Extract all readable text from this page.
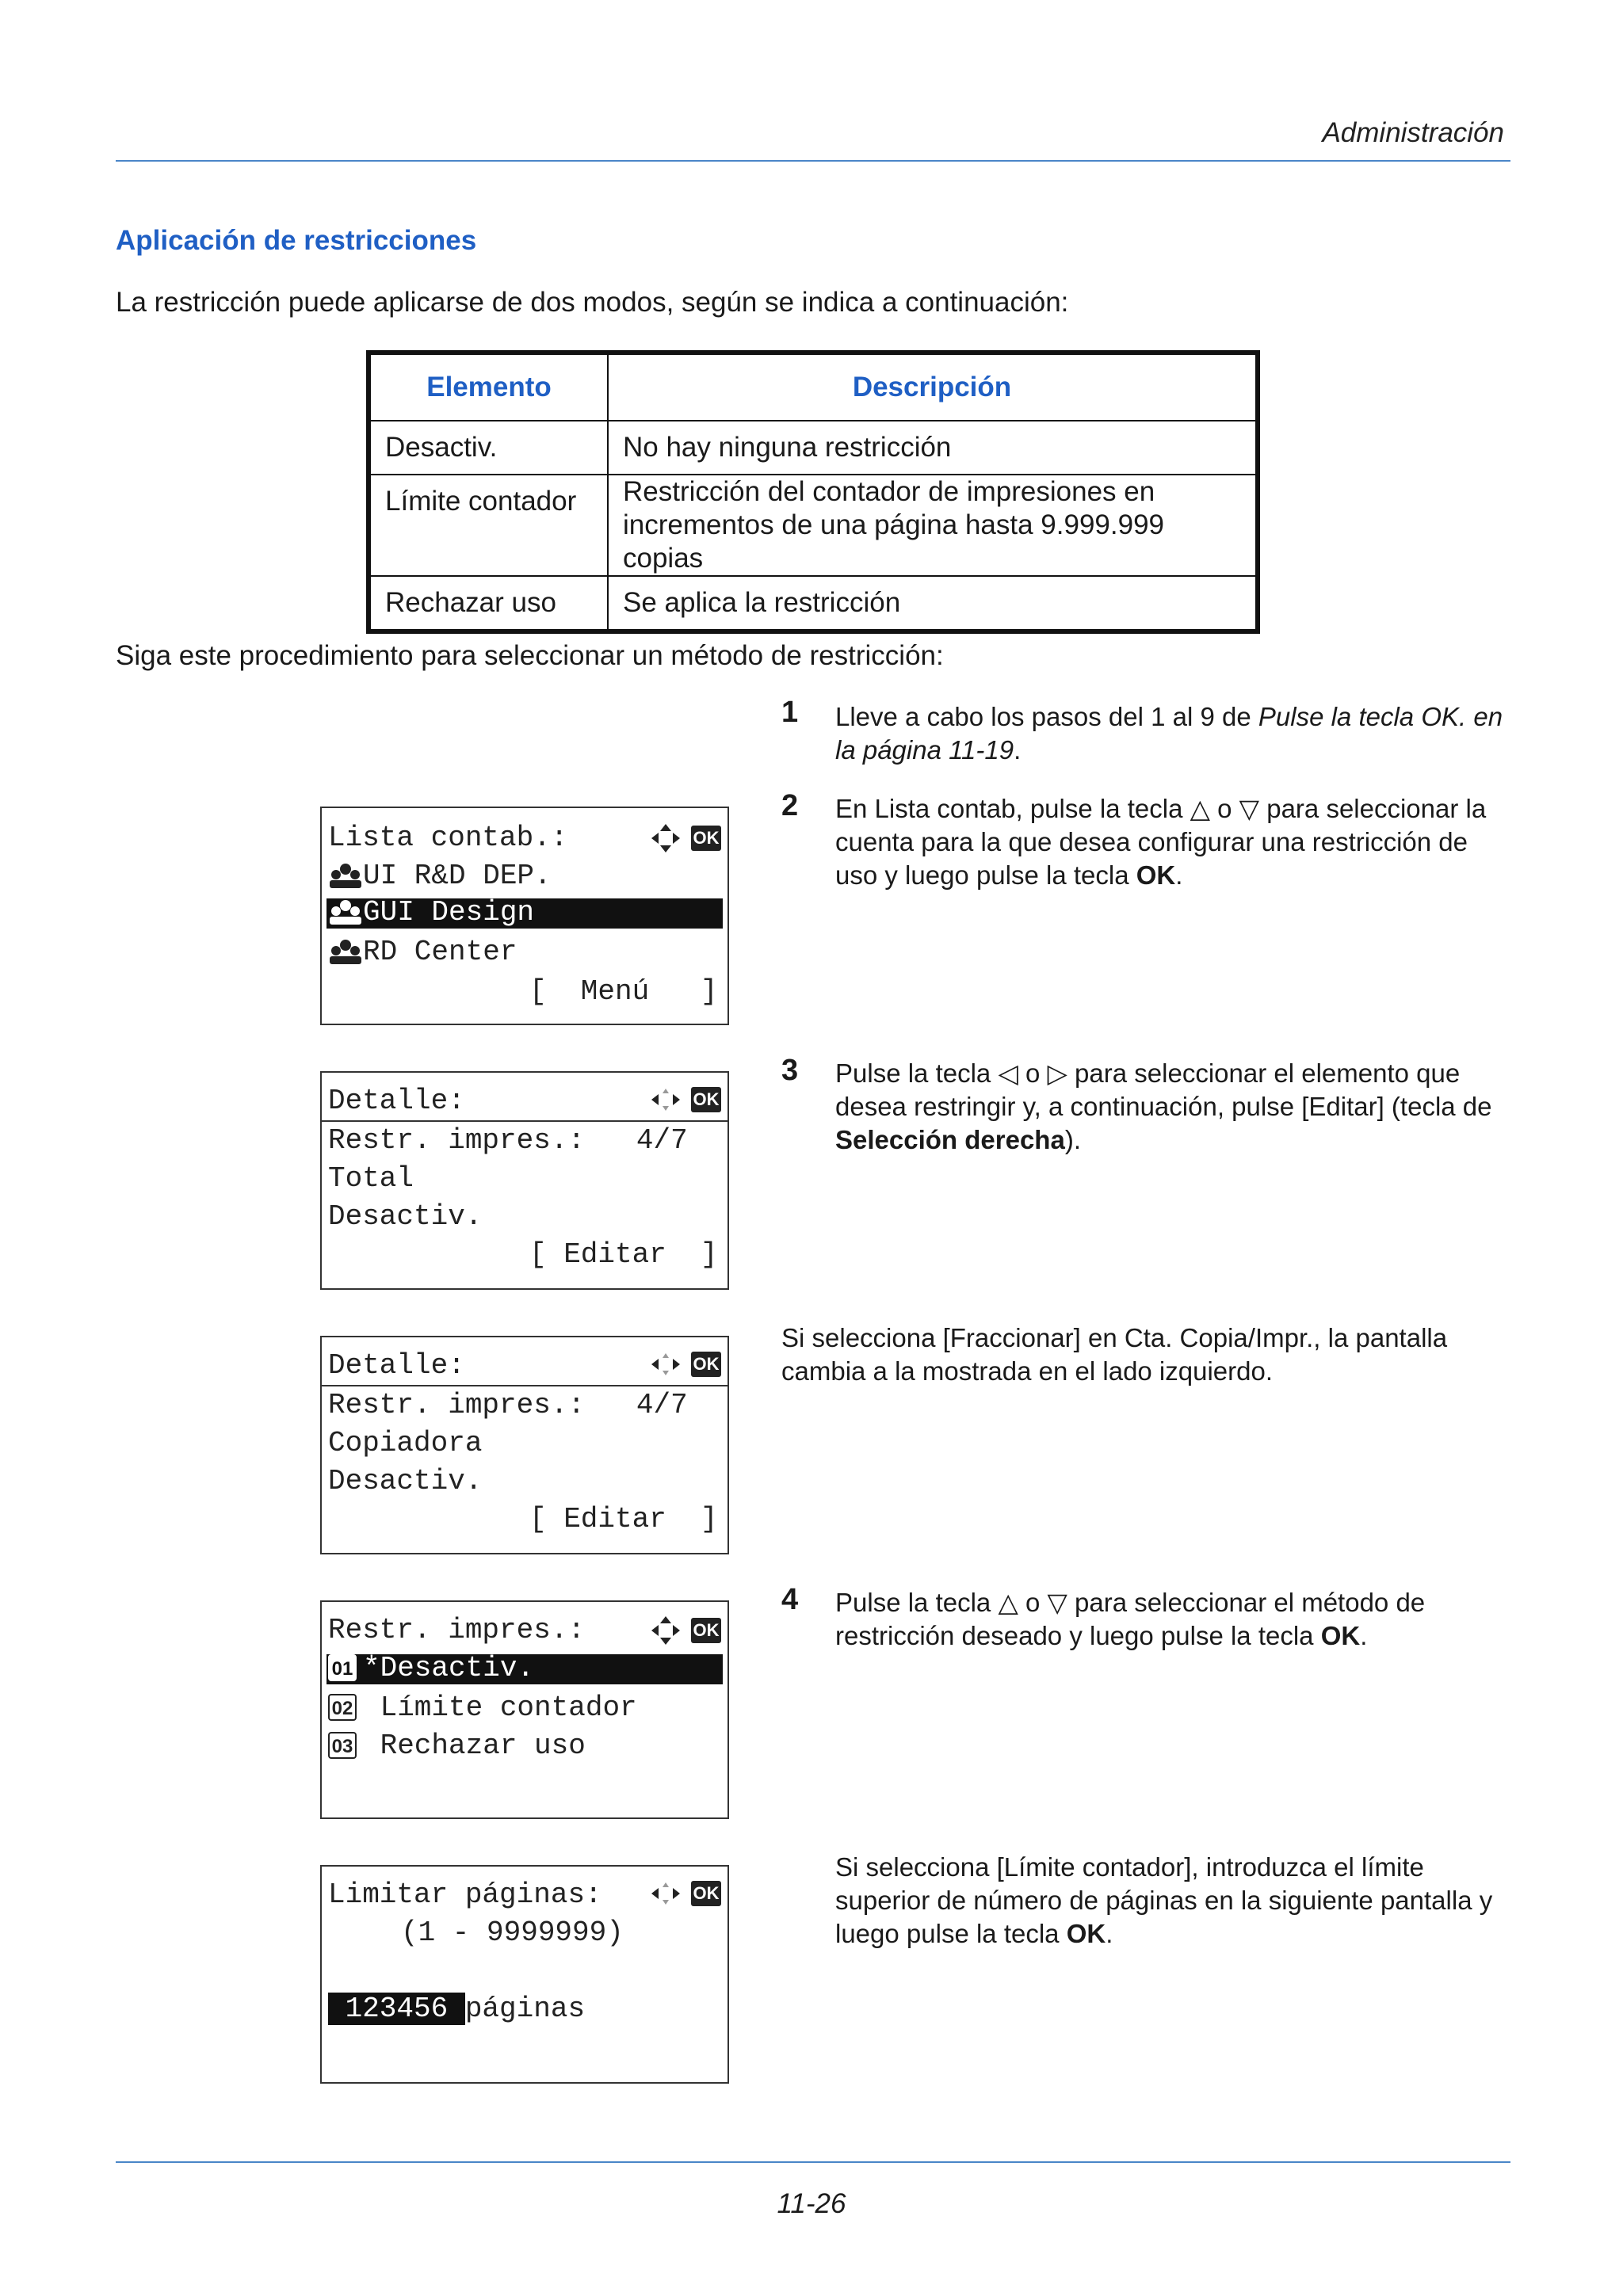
Administración
Aplicación de restricciones
La restricción puede aplicarse de dos modos, según se indica a continuación:
Elemento	Descripción
Desactiv.	No hay ninguna restricción
Límite contador	Restricción del contador de impresiones en
incrementos de una página hasta 9.999.999 copias

Rechazar uso	Se aplica la restricción
Siga este procedimiento para seleccionar un método de restricción:
1 Lleve a cabo los pasos del 1 al 9 de Pulse la tecla OK. en la página 11-19.
2 En Lista contab, pulse la tecla △ o ▽ para seleccionar la cuenta para la que desea configurar una restricción de uso y luego pulse la tecla OK.
3 Pulse la tecla ◁ o ▷ para seleccionar el elemento que desea restringir y, a continuación, pulse [Editar] (tecla de Selección derecha).
Si selecciona [Fraccionar] en Cta. Copia/Impr., la pantalla cambia a la mostrada en el lado izquierdo.
4 Pulse la tecla △ o ▽ para seleccionar el método de restricción deseado y luego pulse la tecla OK.
Si selecciona [Límite contador], introduzca el límite superior de número de páginas en la siguiente pantalla y luego pulse la tecla OK.
Lista contab.:	OK
UI R&D DEP.
GUI Design
RD Center
[  Menú   ]
Detalle:	OK
Restr. impres.:   4/7
Total
Desactiv.
[ Editar  ]
Detalle:	OK
Restr. impres.:   4/7
Copiadora
Desactiv.
[ Editar  ]
Restr. impres.:	OK
01 *Desactiv.
02 Límite contador
03 Rechazar uso
Limitar páginas:	OK
(1 - 9999999)
123456 páginas
11-26
